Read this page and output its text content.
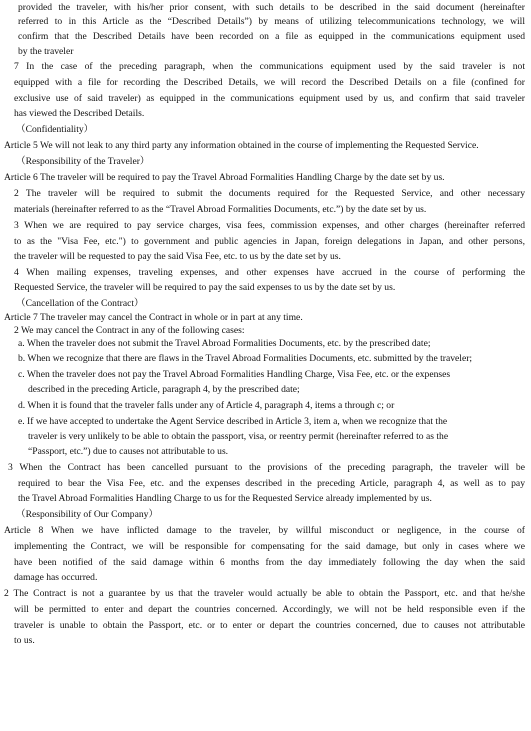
provided the traveler, with his/her prior consent, with such details to be described in the said document (hereinafter
referred to in this Article as the “Described Details”) by means of utilizing telecommunications technology, we will
confirm that the Described Details have been recorded on a file as equipped in the communications equipment used
by the traveler
7 In the case of the preceding paragraph, when the communications equipment used by the said traveler is not
equipped with a file for recording the Described Details, we will record the Described Details on a file (confined for
exclusive use of said traveler) as equipped in the communications equipment used by us, and confirm that said traveler
has viewed the Described Details.
（Confidentiality）
Article 5 We will not leak to any third party any information obtained in the course of implementing the Requested Service.
（Responsibility of the Traveler）
Article 6 The traveler will be required to pay the Travel Abroad Formalities Handling Charge by the date set by us.
2 The traveler will be required to submit the documents required for the Requested Service, and other necessary
materials (hereinafter referred to as the “Travel Abroad Formalities Documents, etc.”) by the date set by us.
3 When we are required to pay service charges, visa fees, commission expenses, and other charges (hereinafter referred
to as the "Visa Fee, etc.") to government and public agencies in Japan, foreign delegations in Japan, and other persons,
the traveler will be requested to pay the said Visa Fee, etc. to us by the date set by us.
4 When mailing expenses, traveling expenses, and other expenses have accrued in the course of performing the
Requested Service, the traveler will be required to pay the said expenses to us by the date set by us.
（Cancellation of the Contract）
Article 7 The traveler may cancel the Contract in whole or in part at any time.
2 We may cancel the Contract in any of the following cases:
a. When the traveler does not submit the Travel Abroad Formalities Documents, etc. by the prescribed date;
b. When we recognize that there are flaws in the Travel Abroad Formalities Documents, etc. submitted by the traveler;
c. When the traveler does not pay the Travel Abroad Formalities Handling Charge, Visa Fee, etc. or the expenses
described in the preceding Article, paragraph 4, by the prescribed date;
d. When it is found that the traveler falls under any of Article 4, paragraph 4, items a through c; or
e. If we have accepted to undertake the Agent Service described in Article 3, item a, when we recognize that the
traveler is very unlikely to be able to obtain the passport, visa, or reentry permit (hereinafter referred to as the
“Passport, etc.”) due to causes not attributable to us.
3 When the Contract has been cancelled pursuant to the provisions of the preceding paragraph, the traveler will be
required to bear the Visa Fee, etc. and the expenses described in the preceding Article, paragraph 4, as well as to pay
the Travel Abroad Formalities Handling Charge to us for the Requested Service already implemented by us.
（Responsibility of Our Company）
Article 8 When we have inflicted damage to the traveler, by willful misconduct or negligence, in the course of
implementing the Contract, we will be responsible for compensating for the said damage, but only in cases where we
have been notified of the said damage within 6 months from the day immediately following the day when the said
damage has occurred.
2 The Contract is not a guarantee by us that the traveler would actually be able to obtain the Passport, etc. and that he/she
will be permitted to enter and depart the countries concerned. Accordingly, we will not be held responsible even if the
traveler is unable to obtain the Passport, etc. or to enter or depart the countries concerned, due to causes not attributable
to us.
